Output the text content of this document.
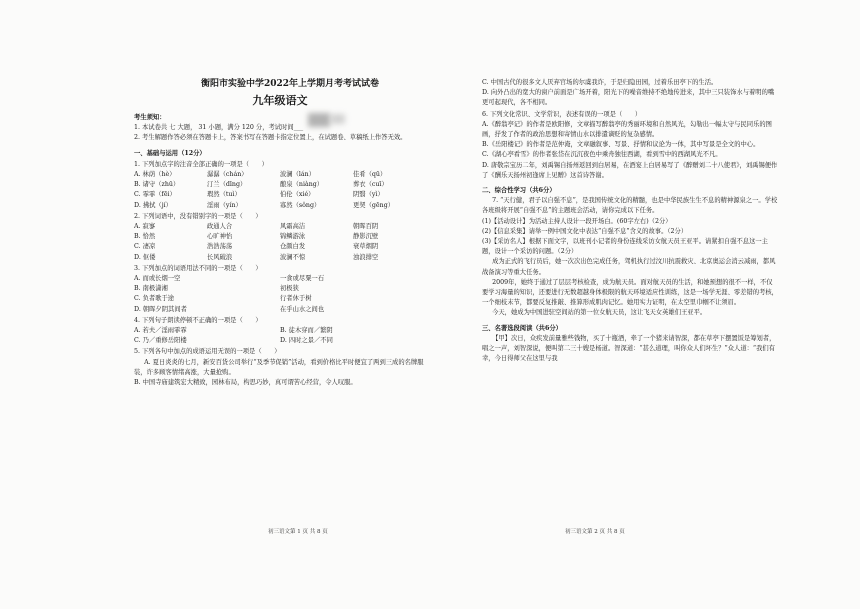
衡阳市实验中学2022年上学期月考考试试卷
九年级语文

考生须知：

1. 本试卷共 七 大题， 31 小题，满分 120 分，考试时间___

2. 考生解题作答必须在答题卡上，答案书写在答题卡指定位置上，在试题卷、草稿纸上作答无效。

一、基础与运用（12分）

1. 下列加点字的注音全部正确的一项是（　　）

A. 林荫（hè）	潺潺（chán）	波澜（lán）	佳肴（qū）
B. 诸守（zhū）	汀兰（dīng）	酿泉（niàng）	葬衣（cuī）
C. 霏霏（fēi）	瑕然（tuì）	伯伦（xié）	阴翳（yì）
D. 拂拭（jí）	淫雨（yín）	寡然（sǒng）	更契（gēng）

2. 下列词语中，没有错别字的一项是（　　）

A. 寂寥	政通人合	风霜高洁	朝晖百阴
B. 恰然	心旷神怡	锦鳞游泳	静影沉壁
C. 凄凉	浩浩荡荡	仓颜白发	衰草烟阴
D. 伛偻	长风破浪	波澜不惊	浊浪排空

3. 下列加点的词语用法不同的一项是（　　）

A. 而或长烟一空	一食或尽粟一石
B. 南极潇湘	初极狭
C. 负者歌于途	行者休于树
D. 朝晖夕阴其间者	在乎山水之间也

4. 下列句子朗读停顿不正确的一项是（　　）

A. 若夫／淫雨霏霏	B. 徒木穿而／繁阴
C. 乃／重修岳阳楼	D. 四时之景／不同

5. 下列各句中加点的成语运用无误的一项是（　　）

A. 夏日炎炎的七月，新安百货公司举行“及季节促销”活动，看到价格比平时便宜了两到三成的名牌服装，许多顾客情绪高涨，大量抢购。

B. 中国寺庙建筑宏大精致，园林布局，构思巧妙，真可谓苦心经营，令人叹服。

C. 中国古代的很多文人厌弃官场的尔虞我诈，于是归隐田园，过着乐田亭下的生活。

D. 向外凸出的宽大的窗户前面是广场开着，阳光下的噪音维持不绝地传进来，其中三只装饰水与着明的嘴更可起现代，各不相同。

6. 下列文化常识、文学常识，表述有误的一项是（　　）

A.《醉翁亭记》的作者是欧阳修，文章描写醉翁亭的秀丽环境和自然风光，勾勒出一幅太守与民同乐的图画，抒发了作者的政治思想和寄情山水以排遣谪贬的复杂感情。

B.《岳阳楼记》的作者是范仲淹，文章融叙事、写景、抒情和议论为一体，其中写景是全文的中心。

C.《湖心亭看雪》的作者张岱在沉沉夜色中乘舟独往西湖，看到雪中的西湖风光不凡。

D. 唐敬宗宝历二年，刘禹锡自扬州返回到白居易，在酒宴上白居易写了《醉赠刘二十八使君》，刘禹锡便作了《酬乐天扬州初逢席上见赠》这首诗答谢。

二、综合性学习（共6分）

7. “天行健，君子以自强不息”，是我国传统文化的精髓，也是中华民族生生不息的精神源泉之一。学校各班级将开展“自强不息”的主题班会活动，请你完成以下任务。

(1)【活动设计】为活动主持人设计一段开场白。(60字左右)（2分）

(2)【信息采集】请举一例中国文化中表达“自强不息”含义的故事。（2分）

(3)【采访名人】根据下面文字，以班刊小记者的身份连线采访女航天员王亚平。请紧扣自强不息这一主题，设计一个采访的问题。（2分）

成为正式的飞行员后，她一次次出色完成任务，驾机执行过汶川抗震救灾、北京奥运会消云减雨，都风战备演习等重大任务。

2009年，她终于通过了层层考核检查，成为航天员。面对航天员的生活，和她预想的很不一样，不仅要学习海量的知识，还要进行无数超越身体极限的航天环境适应性训练，这是一场学无涯、零差错的考核，一个细枝末节，都要反复推敲、推算形成肌肉记忆。她用实力证明，在太空里巾帼不让须眉。

今天，她成为中国进驻空间站的第一位女航天员，这让飞天女英雄们王亚平。

三、名著选段阅读（共6分）

【甲】次日，众疾发前量雅些钱物，买了十瓶酒，牵了一个猪来请智深，都在草亭下摆置饭是筹划者，唱之一声，刘智深说，便叫第二三十嫂是杨道。智深道：“甚么道理，叫你众人们坏生？”众人道：“我们有幸，今日得师父在这里与我

初三语文第 1 页 共 8 页	初三语文第 2 页 共 8 页
